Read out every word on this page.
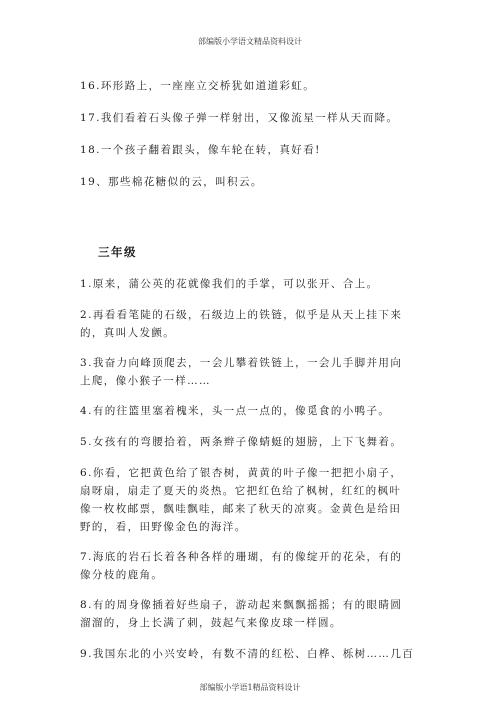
部编版小学语文精品资料设计
16.环形路上，一座座立交桥犹如道道彩虹。
17.我们看着石头像子弹一样射出，又像流星一样从天而降。
18.一个孩子翻着跟头，像车轮在转，真好看!
19、那些棉花糖似的云，叫积云。
三年级
1.原来，蒲公英的花就像我们的手掌，可以张开、合上。
2.再看看笔陡的石级，石级边上的铁链，似乎是从天上挂下来
的，真叫人发颤。
3.我奋力向峰顶爬去，一会儿攀着铁链上，一会儿手脚并用向
上爬，像小猴子一样……
4.有的往篮里塞着槐米，头一点一点的，像觅食的小鸭子。
5.女孩有的弯腰拾着，两条辫子像蜻蜓的翅膀，上下飞舞着。
6.你看，它把黄色给了银杏树，黄黄的叶子像一把把小扇子，
扇呀扇，扇走了夏天的炎热。它把红色给了枫树，红红的枫叶
像一枚枚邮票，飘哇飘哇，邮来了秋天的凉爽。金黄色是给田
野的，看，田野像金色的海洋。
7.海底的岩石长着各种各样的珊瑚，有的像绽开的花朵，有的
像分枝的鹿角。
8.有的周身像插着好些扇子，游动起来飘飘摇摇；有的眼睛圆
溜溜的，身上长满了刺，鼓起气来像皮球一样圆。
9.我国东北的小兴安岭，有数不清的红松、白桦、栎树……几百
部编版小学语1精品资料设计
